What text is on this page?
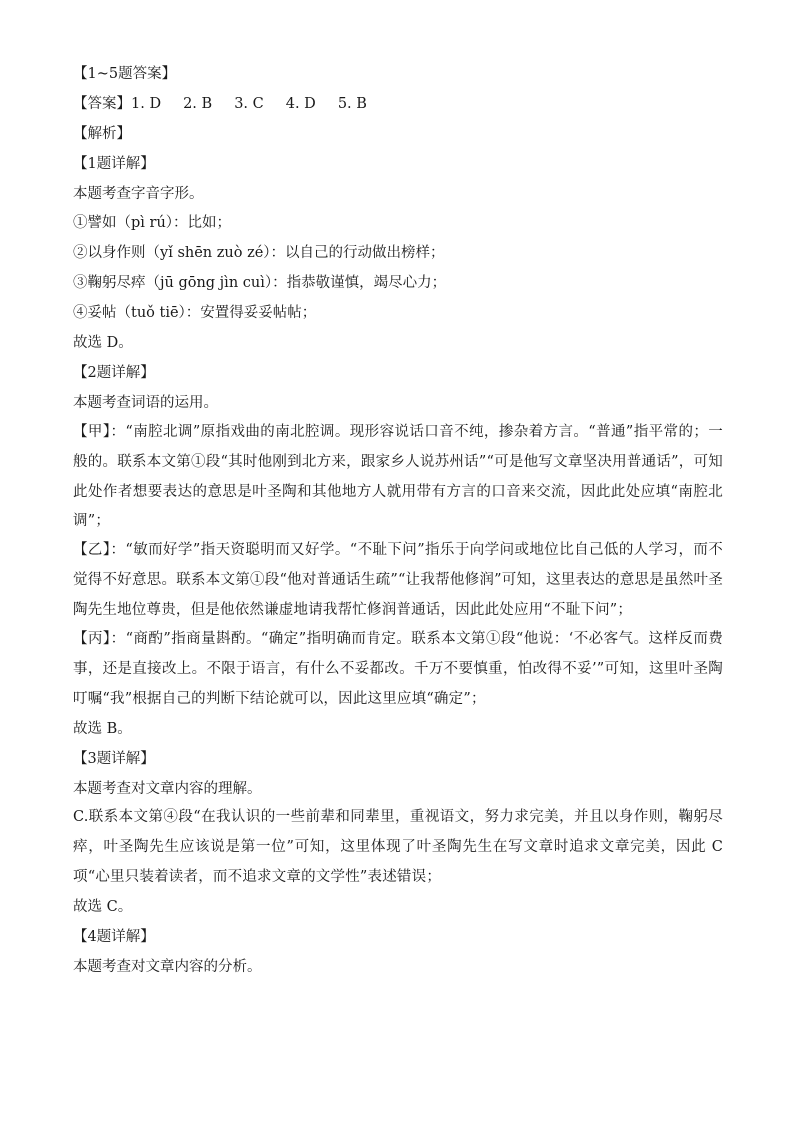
【1~5题答案】
【答案】1. D 2. B 3. C 4. D 5. B
【解析】
【1题详解】
本题考查字音字形。
①譬如（pì rú）：比如；
②以身作则（yǐ shēn zuò zé）：以自己的行动做出榜样；
③鞠躬尽瘁（jū gōng jìn cuì）：指恭敬谨慎，竭尽心力；
④妥帖（tuǒ tiē）：安置得妥妥帖帖；
故选 D。
【2题详解】
本题考查词语的运用。
【甲】：“南腔北调”原指戏曲的南北腔调。现形容说话口音不纯，掺杂着方言。“普通”指平常的；一般的。联系本文第①段“其时他刚到北方来，跟家乡人说苏州话”“可是他写文章坚决用普通话”，可知此处作者想要表达的意思是叶圣陶和其他地方人就用带有方言的口音来交流，因此此处应填“南腔北调”；
【乙】：“敏而好学”指天资聪明而又好学。“不耻下问”指乐于向学问或地位比自己低的人学习，而不觉得不好意思。联系本文第①段“他对普通话生疏”“让我帮他修润”可知，这里表达的意思是虽然叶圣陶先生地位尊贵，但是他依然谦虚地请我帮忙修润普通话，因此此处应用“不耻下问”；
【丙】：“商酌”指商量斟酌。“确定”指明确而肯定。联系本文第①段“他说：‘不必客气。这样反而费事，还是直接改上。不限于语言，有什么不妥都改。千万不要慎重，怕改得不妥’”可知，这里叶圣陶叮嘱“我”根据自己的判断下结论就可以，因此这里应填“确定”；
故选 B。
【3题详解】
本题考查对文章内容的理解。
C.联系本文第④段“在我认识的一些前辈和同辈里，重视语文，努力求完美，并且以身作则，鞠躬尽瘁，叶圣陶先生应该说是第一位”可知，这里体现了叶圣陶先生在写文章时追求文章完美，因此 C项“心里只装着读者，而不追求文章的文学性”表述错误；
故选 C。
【4题详解】
本题考查对文章内容的分析。
